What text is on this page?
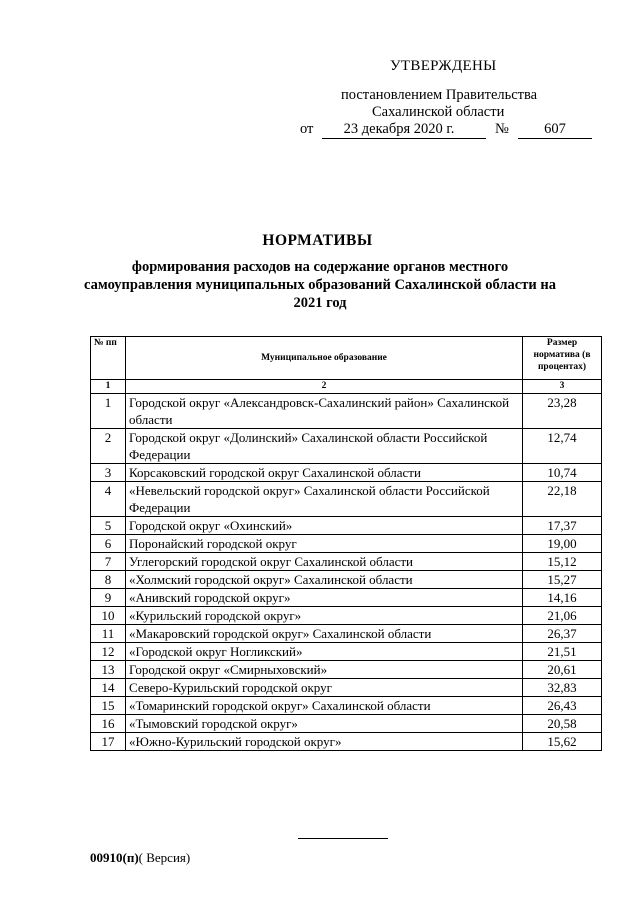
УТВЕРЖДЕНЫ
постановлением Правительства
Сахалинской области
от	23 декабря 2020 г.	№	607
НОРМАТИВЫ
формирования расходов на содержание органов местного самоуправления муниципальных образований Сахалинской области на 2021 год
№ пп	Муниципальное образование	Размер норматива (в процентах)
1	2	3
1	Городской округ «Александровск-Сахалинский район» Сахалинской области	23,28
2	Городской округ «Долинский» Сахалинской области Российской Федерации	12,74
3	Корсаковский городской округ Сахалинской области	10,74
4	«Невельский городской округ» Сахалинской области Российской Федерации	22,18
5	Городской округ «Охинский»	17,37
6	Поронайский городской округ	19,00
7	Углегорский городской округ Сахалинской области	15,12
8	«Холмский городской округ» Сахалинской области	15,27
9	«Анивский городской округ»	14,16
10	«Курильский городской округ»	21,06
11	«Макаровский городской округ» Сахалинской области	26,37
12	«Городской округ Ногликский»	21,51
13	Городской округ «Смирныховский»	20,61
14	Северо-Курильский городской округ	32,83
15	«Томаринский городской округ» Сахалинской области	26,43
16	«Тымовский городской округ»	20,58
17	«Южно-Курильский городской округ»	15,62
00910(п)( Версия)
